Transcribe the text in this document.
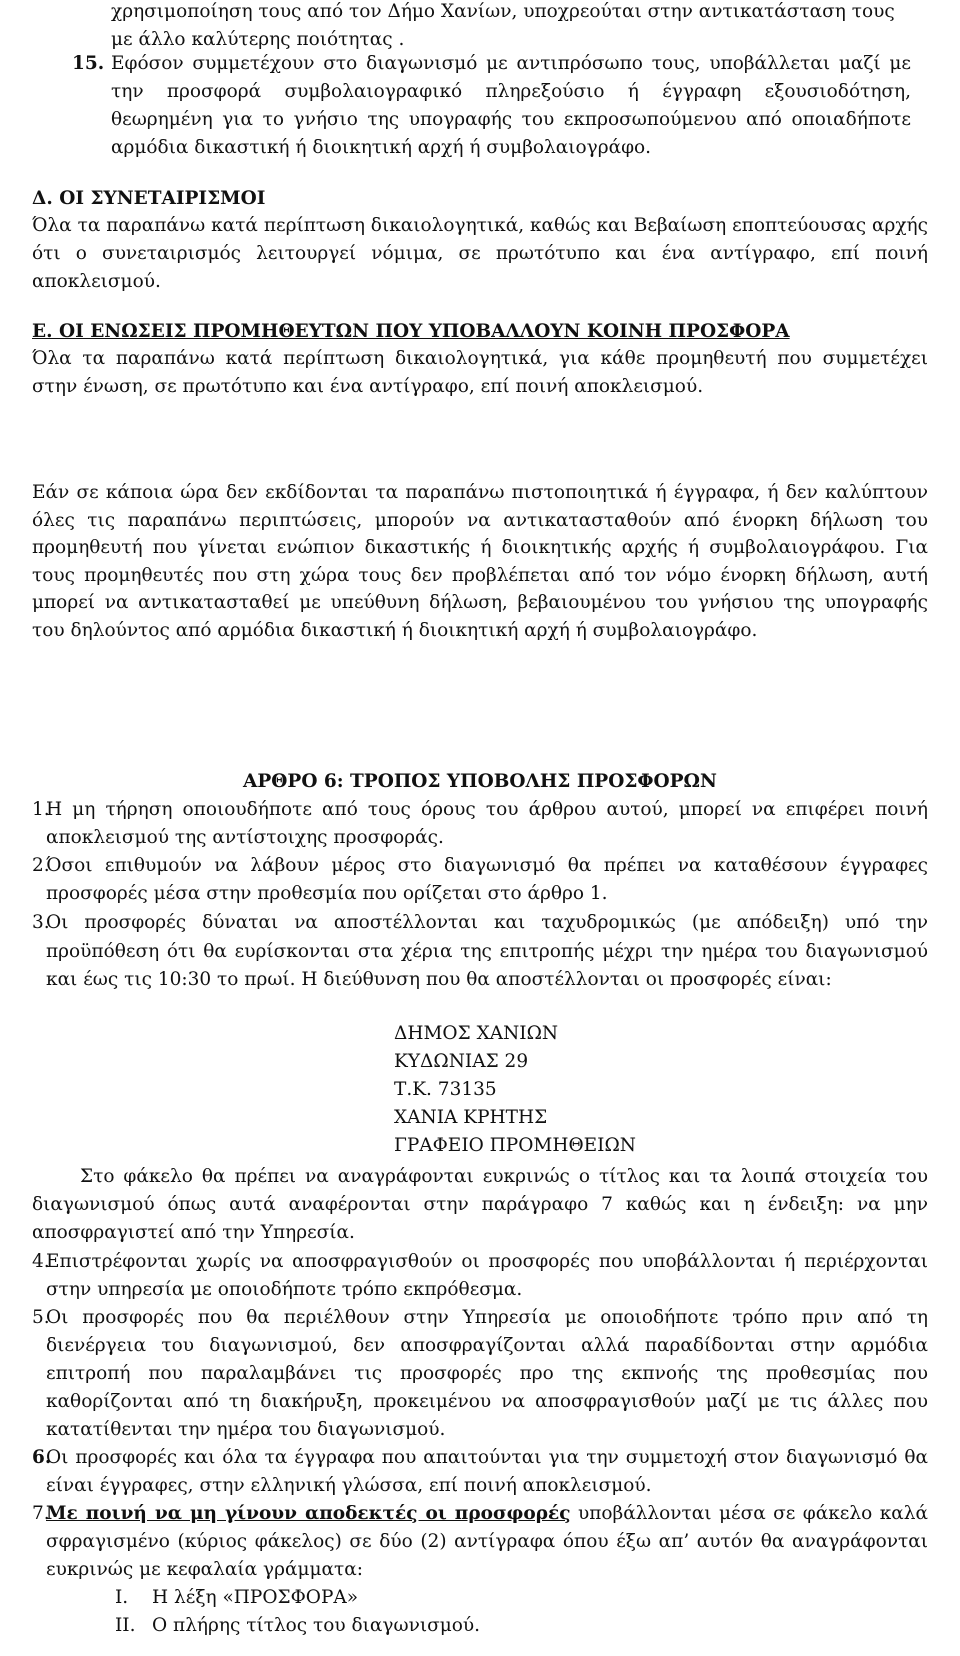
χρησιμοποίηση τους από τον Δήμο Χανίων, υποχρεούται στην αντικατάσταση τους με άλλο καλύτερης ποιότητας .
15. Εφόσον συμμετέχουν στο διαγωνισμό με αντιπρόσωπο τους, υποβάλλεται μαζί με την προσφορά συμβολαιογραφικό πληρεξούσιο ή έγγραφη εξουσιοδότηση, θεωρημένη για το γνήσιο της υπογραφής του εκπροσωπούμενου από οποιαδήποτε αρμόδια δικαστική ή διοικητική αρχή ή συμβολαιογράφο.
Δ. ΟΙ ΣΥΝΕΤΑΙΡΙΣΜΟΙ
Όλα τα παραπάνω κατά περίπτωση δικαιολογητικά, καθώς και Βεβαίωση εποπτεύουσας αρχής ότι ο συνεταιρισμός λειτουργεί νόμιμα, σε πρωτότυπο και ένα αντίγραφο, επί ποινή αποκλεισμού.
Ε. ΟΙ ΕΝΩΣΕΙΣ ΠΡΟΜΗΘΕΥΤΩΝ ΠΟΥ ΥΠΟΒΑΛΛΟΥΝ ΚΟΙΝΗ ΠΡΟΣΦΟΡΑ
Όλα τα παραπάνω κατά περίπτωση δικαιολογητικά, για κάθε προμηθευτή που συμμετέχει στην ένωση, σε πρωτότυπο και ένα αντίγραφο, επί ποινή αποκλεισμού.
Εάν σε κάποια ώρα δεν εκδίδονται τα παραπάνω πιστοποιητικά ή έγγραφα, ή δεν καλύπτουν όλες τις παραπάνω περιπτώσεις, μπορούν να αντικατασταθούν από ένορκη δήλωση του προμηθευτή που γίνεται ενώπιον δικαστικής ή διοικητικής αρχής ή συμβολαιογράφου. Για τους προμηθευτές που στη χώρα τους δεν προβλέπεται από τον νόμο ένορκη δήλωση, αυτή μπορεί να αντικατασταθεί με υπεύθυνη δήλωση, βεβαιουμένου του γνήσιου της υπογραφής του δηλούντος από αρμόδια δικαστική ή διοικητική αρχή ή συμβολαιογράφο.
ΑΡΘΡΟ 6: ΤΡΟΠΟΣ ΥΠΟΒΟΛΗΣ ΠΡΟΣΦΟΡΩΝ
1.
Η μη τήρηση οποιουδήποτε από τους όρους του άρθρου αυτού, μπορεί να επιφέρει ποινή αποκλεισμού της αντίστοιχης προσφοράς.
2.
Όσοι επιθυμούν να λάβουν μέρος στο διαγωνισμό θα πρέπει να καταθέσουν έγγραφες προσφορές μέσα στην προθεσμία που ορίζεται στο άρθρο 1.
3.
Οι προσφορές δύναται να αποστέλλονται και ταχυδρομικώς (με απόδειξη) υπό την προϋπόθεση ότι θα ευρίσκονται στα χέρια της επιτροπής μέχρι την ημέρα του διαγωνισμού και έως τις 10:30 το πρωί. Η διεύθυνση που θα αποστέλλονται οι προσφορές είναι:
ΔΗΜΟΣ ΧΑΝΙΩΝ
ΚΥΔΩΝΙΑΣ 29
Τ.Κ. 73135
ΧΑΝΙΑ ΚΡΗΤΗΣ
ΓΡΑΦΕΙΟ ΠΡΟΜΗΘΕΙΩΝ
Στο φάκελο θα πρέπει να αναγράφονται ευκρινώς ο τίτλος και τα λοιπά στοιχεία του διαγωνισμού όπως αυτά αναφέρονται στην παράγραφο 7 καθώς και η ένδειξη: να μην αποσφραγιστεί από την Υπηρεσία.
4.
Επιστρέφονται χωρίς να αποσφραγισθούν οι προσφορές που υποβάλλονται ή περιέρχονται στην υπηρεσία με οποιοδήποτε τρόπο εκπρόθεσμα.
5.
Οι προσφορές που θα περιέλθουν στην Υπηρεσία με οποιοδήποτε τρόπο πριν από τη διενέργεια του διαγωνισμού, δεν αποσφραγίζονται αλλά παραδίδονται στην αρμόδια επιτροπή που παραλαμβάνει τις προσφορές προ της εκπνοής της προθεσμίας που καθορίζονται από τη διακήρυξη, προκειμένου να αποσφραγισθούν μαζί με τις άλλες που κατατίθενται την ημέρα του διαγωνισμού.
6.
Οι προσφορές και όλα τα έγγραφα που απαιτούνται για την συμμετοχή στον διαγωνισμό θα είναι έγγραφες, στην ελληνική γλώσσα, επί ποινή αποκλεισμού.
7.
Με ποινή να μη γίνουν αποδεκτές οι προσφορές υποβάλλονται μέσα σε φάκελο καλά σφραγισμένο (κύριος φάκελος) σε δύο (2) αντίγραφα όπου έξω απ’ αυτόν θα αναγράφονται ευκρινώς με κεφαλαία γράμματα:
I. Η λέξη «ΠΡΟΣΦΟΡΑ»
II. Ο πλήρης τίτλος του διαγωνισμού.
